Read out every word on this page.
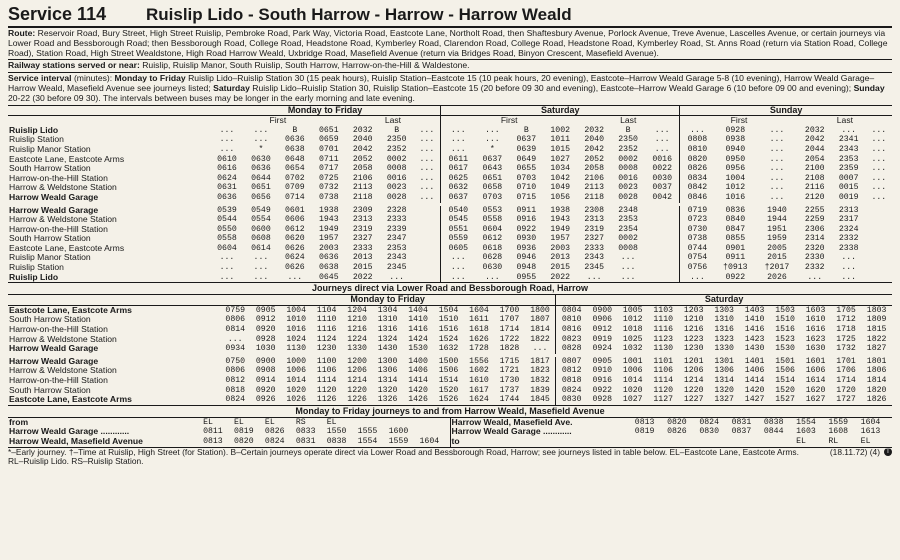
Service 114	Ruislip Lido - South Harrow - Harrow - Harrow Weald

Route: Reservoir Road, Bury Street, High Street Ruislip, Pembroke Road, Park Way, Victoria Road, Eastcote Lane, Northolt Road, then Shaftesbury Avenue, Porlock Avenue, Treve Avenue, Lascelles Avenue, or certain journeys via Lower Road and Bessborough Road; then Bessborough Road, College Road, Headstone Road, Kymberley Road, Clarendon Road, College Road, Headstone Road, Kymberley Road, St. Anns Road (return via Station Road, College Road), Station Road, High Street Wealdstone, High Road Harrow Weald, Uxbridge Road, Masefield Avenue (return via Bridges Road, Binyon Crescent, Masefield Avenue).

Railway stations served or near: Ruislip, Ruislip Manor, South Ruislip, South Harrow, Harrow-on-the-Hill & Waldestone.

Service interval (minutes): Monday to Friday Ruislip Lido–Ruislip Station 30 (15 peak hours), Ruislip Station–Eastcote 15 (10 peak hours, 20 evening), Eastcote–Harrow Weald Garage 5-8 (10 evening), Harrow Weald Garage–Harrow Weald, Masefield Avenue see journeys listed; Saturday Ruislip Lido–Ruislip Station 30, Ruislip Station–Eastcote 15 (20 before 09 30 and evening), Eastcote–Harrow Weald Garage 6 (10 before 09 00 and evening); Sunday 20-22 (30 before 09 30). The intervals between buses may be longer in the early morning and late evening.

	Monday to Friday							Saturday							Sunday					
	First				Last			First				Last			First			Last		
Ruislip Lido	...	...	B	0651	2032	B	...	...	...	B	1002	2032	B	...	...	0928	...	2032	...	...
Ruislip Station	...	...	0636	0659	2040	2350	...	...	...	0637	1011	2040	2350	...	0808	0938	...	2042	2341	...
Ruislip Manor Station	...	*	0638	0701	2042	2352	...	...	*	0639	1015	2042	2352	...	0810	0940	...	2044	2343	...
Eastcote Lane, Eastcote Arms	0610	0630	0648	0711	2052	0002	...	0611	0637	0649	1027	2052	0002	0016	0820	0950	...	2054	2353	...
South Harrow Station	0616	0636	0654	0717	2058	0008	...	0617	0643	0655	1034	2058	0008	0022	0826	0956	...	2100	2359	...
Harrow-on-the-Hill Station	0624	0644	0702	0725	2106	0016	...	0625	0651	0703	1042	2106	0016	0030	0834	1004	...	2108	0007	...
Harrow & Weldstone Station	0631	0651	0709	0732	2113	0023	...	0632	0658	0710	1049	2113	0023	0037	0842	1012	...	2116	0015	...
Harrow Weald Garage	0636	0656	0714	0738	2118	0028	...	0637	0703	0715	1056	2118	0028	0042	0846	1016	...	2120	0019	...

Harrow Weald Garage	0539	0549	0601	1938	2309	2328		0540	0553	0911	1938	2308	2348		0719	0836	1940	2255	2313	
Harrow & Weldstone Station	0544	0554	0606	1943	2313	2333		0545	0558	0916	1943	2313	2353		0723	0840	1944	2259	2317	
Harrow-on-the-Hill Station	0550	0600	0612	1949	2319	2339		0551	0604	0922	1949	2319	2354		0730	0847	1951	2306	2324	
South Harrow Station	0558	0608	0620	1957	2327	2347		0559	0612	0930	1957	2327	0002		0738	0855	1959	2314	2332	
Eastcote Lane, Eastcote Arms	0604	0614	0626	2003	2333	2353		0605	0618	0936	2003	2333	0008		0744	0901	2005	2320	2338	
Ruislip Manor Station	...	...	0624	0636	2013	2343		...	0628	0946	2013	2343	...		0754	0911	2015	2330	...	
Ruislip Station	...	...	0626	0638	2015	2345		...	0630	0948	2015	2345	...		0756	†0913	†2017	2332	...	
Ruislip Lido	...	...	...	0645	2022	...		...	...	0955	2022	...	...		...	0922	2026	...	...	
Journeys direct via Lower Road and Bessborough Road, Harrow
	Monday to Friday											Saturday										
Eastcote Lane, Eastcote Arms	0759	0905	1004	1104	1204	1304	1404	1504	1604	1700	1800	0804	0900	1005	1103	1203	1303	1403	1503	1603	1705	1803
South Harrow Station	0806	0912	1010	1110	1210	1310	1410	1510	1611	1707	1807	0810	0906	1012	1110	1210	1310	1410	1510	1610	1712	1809
Harrow-on-the-Hill Station	0814	0920	1016	1116	1216	1316	1416	1516	1618	1714	1814	0816	0912	1018	1116	1216	1316	1416	1516	1616	1718	1815
Harrow & Weldstone Station	...	0928	1024	1124	1224	1324	1424	1524	1626	1722	1822	0823	0919	1025	1123	1223	1323	1423	1523	1623	1725	1822
Harrow Weald Garage	0934	1030	1130	1230	1330	1430	1530	1632	1728	1828	...	0828	0924	1032	1130	1230	1330	1430	1530	1630	1732	1827

Harrow Weald Garage	0750	0900	1000	1100	1200	1300	1400	1500	1556	1715	1817	0807	0905	1001	1101	1201	1301	1401	1501	1601	1701	1801
Harrow & Weldstone Station	0806	0908	1006	1106	1206	1306	1406	1506	1602	1721	1823	0812	0910	1006	1106	1206	1306	1406	1506	1606	1706	1806
Harrow-on-the-Hill Station	0812	0914	1014	1114	1214	1314	1414	1514	1610	1730	1832	0818	0916	1014	1114	1214	1314	1414	1514	1614	1714	1814
South Harrow Station	0818	0920	1020	1120	1220	1320	1420	1520	1617	1737	1839	0824	0922	1020	1120	1220	1320	1420	1520	1620	1720	1820
Eastcote Lane, Eastcote Arms	0824	0926	1026	1126	1226	1326	1426	1526	1624	1744	1845	0830	0928	1027	1127	1227	1327	1427	1527	1627	1727	1826
Monday to Friday journeys to and from Harrow Weald, Masefield Avenue
from	EL	EL	EL	RS	EL			
Harrow Weald Garage ............	0811	0819	0826	0833	1550	1555	1600	
Harrow Weald, Masefield Avenue	0813	0820	0824	0831	0838	1554	1559	1604

Harrow Weald, Masefield Ave.	0813	0820	0824	0831	0838	1554	1559	1604
Harrow Weald Garage ............	0819	0826	0830	0837	0844	1603	1608	1613
to						EL	RL	EL
*–Early journey. †–Time at Ruislip, High Street (for Station). B–Certain journeys operate direct via Lower Road and Bessborough Road, Harrow; see journeys listed in table below. EL–Eastcote Lane, Eastcote Arms. RL–Ruislip Lido. RS–Ruislip Station.
(18.11.72) (4) T
